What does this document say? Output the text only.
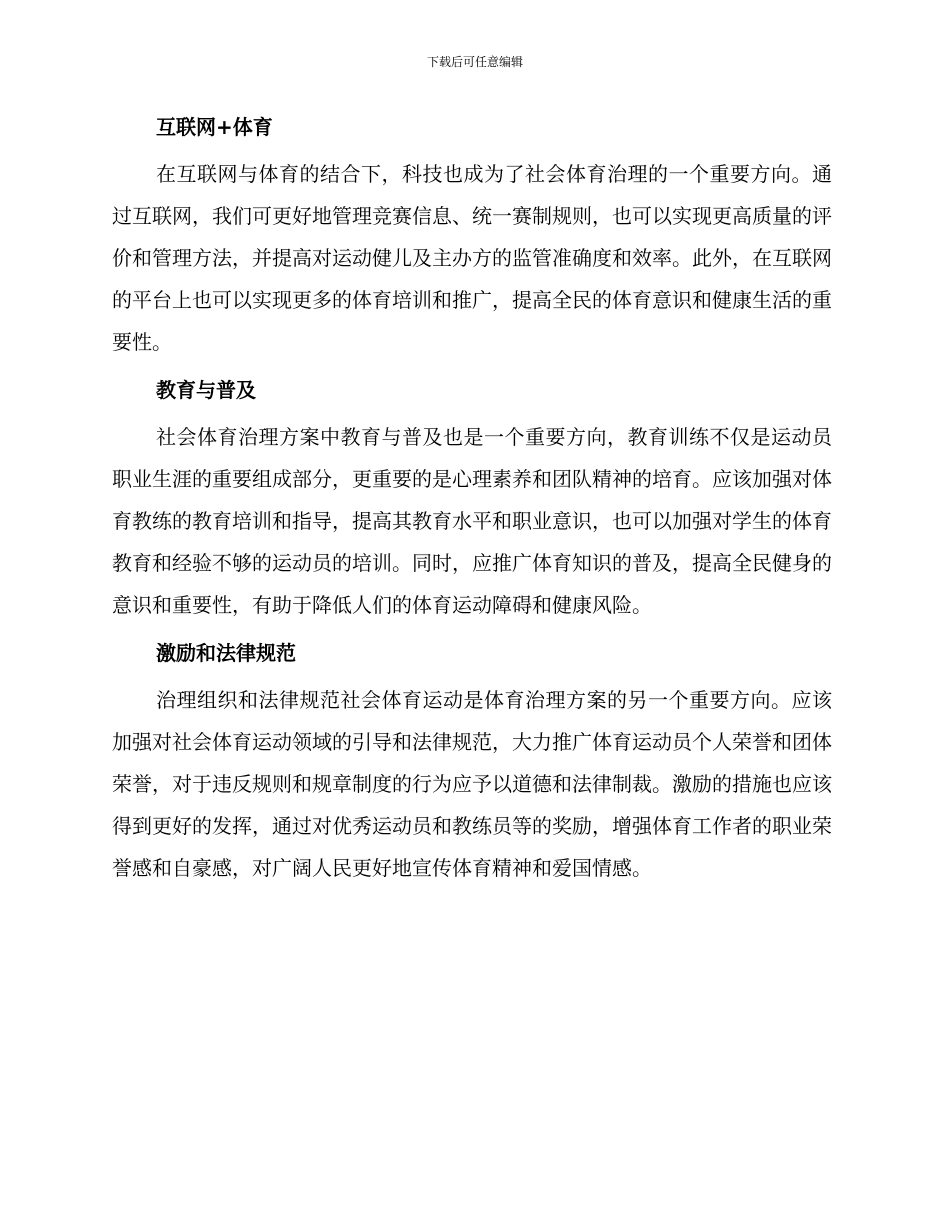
下载后可任意编辑
互联网+体育

在互联网与体育的结合下，科技也成为了社会体育治理的一个重要方向。通过互联网，我们可更好地管理竞赛信息、统一赛制规则，也可以实现更高质量的评价和管理方法，并提高对运动健儿及主办方的监管准确度和效率。此外，在互联网的平台上也可以实现更多的体育培训和推广，提高全民的体育意识和健康生活的重要性。

教育与普及

社会体育治理方案中教育与普及也是一个重要方向，教育训练不仅是运动员职业生涯的重要组成部分，更重要的是心理素养和团队精神的培育。应该加强对体育教练的教育培训和指导，提高其教育水平和职业意识，也可以加强对学生的体育教育和经验不够的运动员的培训。同时，应推广体育知识的普及，提高全民健身的意识和重要性，有助于降低人们的体育运动障碍和健康风险。

激励和法律规范

治理组织和法律规范社会体育运动是体育治理方案的另一个重要方向。应该加强对社会体育运动领域的引导和法律规范，大力推广体育运动员个人荣誉和团体荣誉，对于违反规则和规章制度的行为应予以道德和法律制裁。激励的措施也应该得到更好的发挥，通过对优秀运动员和教练员等的奖励，增强体育工作者的职业荣誉感和自豪感，对广阔人民更好地宣传体育精神和爱国情感。
